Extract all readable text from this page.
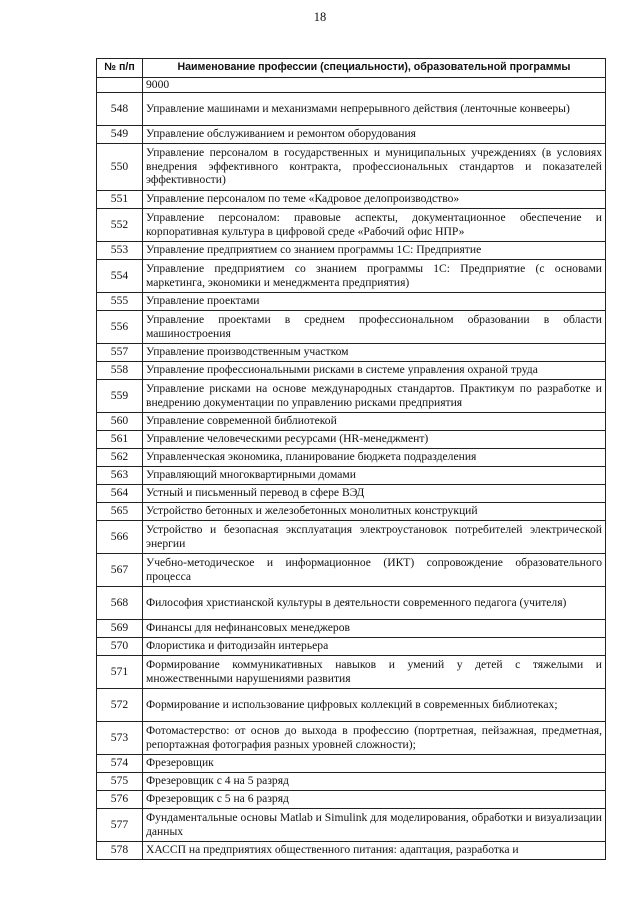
18
№ п/п	Наименование профессии (специальности), образовательной программы
	9000
548	Управление машинами и механизмами непрерывного действия (ленточные конвееры)
549	Управление обслуживанием и ремонтом оборудования
550	Управление персоналом в государственных и муниципальных учреждениях (в условиях внедрения эффективного контракта, профессиональных стандартов и показателей эффективности)
551	Управление персоналом по теме «Кадровое делопроизводство»
552	Управление персоналом: правовые аспекты, документационное обеспечение и корпоративная культура в цифровой среде «Рабочий офис НПР»
553	Управление предприятием со знанием программы 1С: Предприятие
554	Управление предприятием со знанием программы 1С: Предприятие (с основами маркетинга, экономики и менеджмента предприятия)
555	Управление проектами
556	Управление проектами в среднем профессиональном образовании в области машиностроения
557	Управление производственным участком
558	Управление профессиональными рисками в системе управления охраной труда
559	Управление рисками на основе международных стандартов. Практикум по разработке и внедрению документации по управлению рисками предприятия
560	Управление современной библиотекой
561	Управление человеческими ресурсами (HR-менеджмент)
562	Управленческая экономика, планирование бюджета подразделения
563	Управляющий многоквартирными домами
564	Устный и письменный перевод в сфере ВЭД
565	Устройство бетонных и железобетонных монолитных конструкций
566	Устройство и безопасная эксплуатация электроустановок потребителей электрической энергии
567	Учебно-методическое и информационное (ИКТ) сопровождение образовательного процесса
568	Философия христианской культуры в деятельности современного педагога (учителя)
569	Финансы для нефинансовых менеджеров
570	Флористика и фитодизайн интерьера
571	Формирование коммуникативных навыков и умений у детей с тяжелыми и множественными нарушениями развития
572	Формирование и использование цифровых коллекций в современных библиотеках;
573	Фотомастерство: от основ до выхода в профессию (портретная, пейзажная, предметная, репортажная фотография разных уровней сложности);
574	Фрезеровщик
575	Фрезеровщик с 4 на 5 разряд
576	Фрезеровщик с 5 на 6 разряд
577	Фундаментальные основы Matlab и Simulink для моделирования, обработки и визуализации данных
578	ХАССП на предприятиях общественного питания: адаптация, разработка и
